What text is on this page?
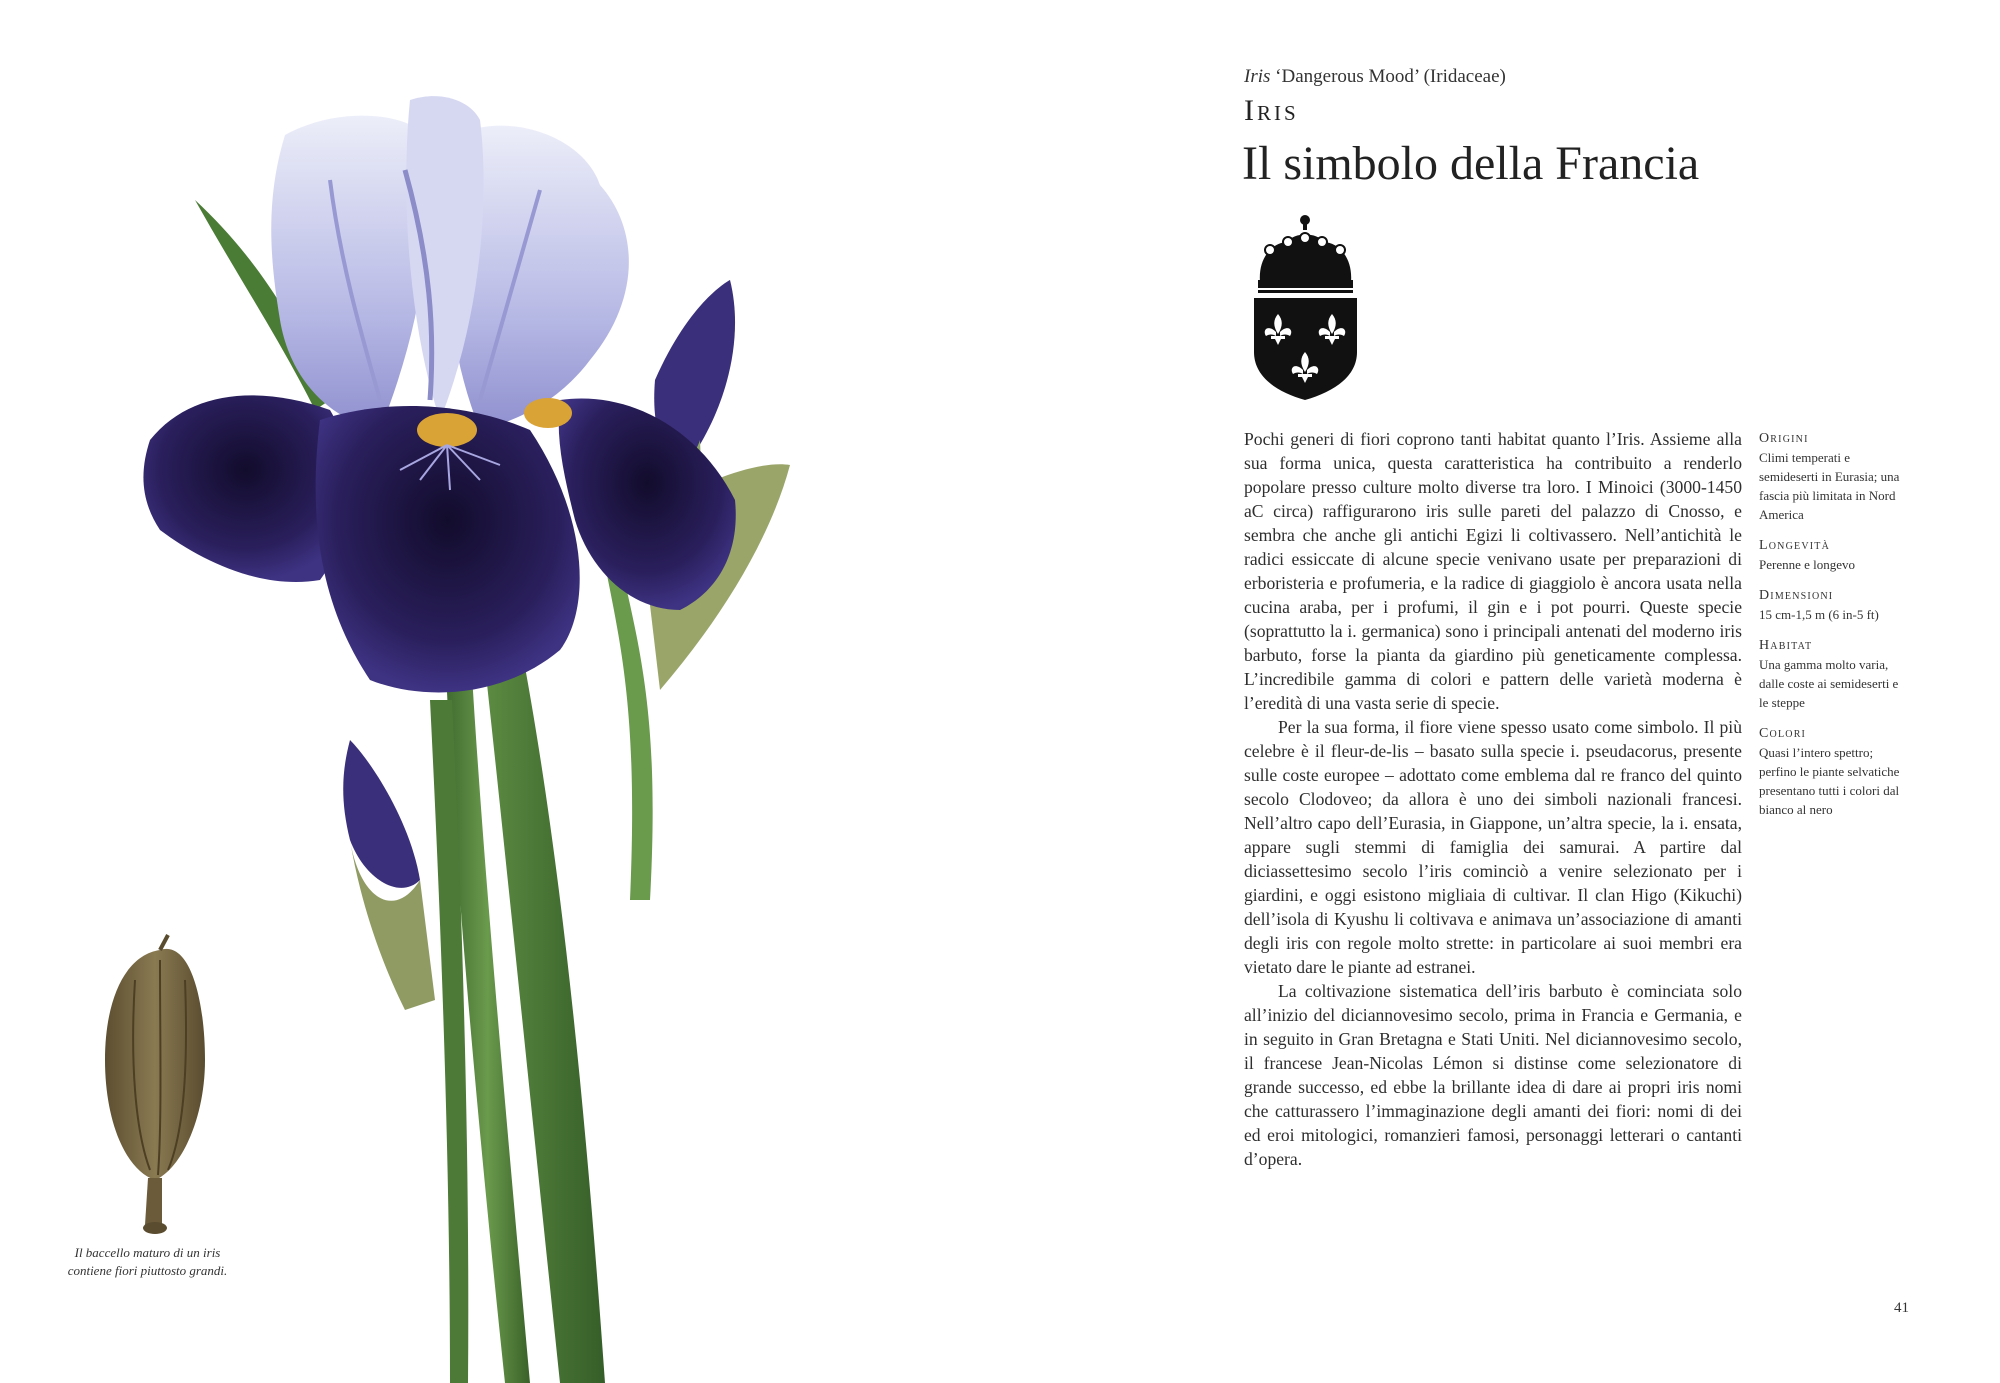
Il baccello maturo di un iris
contiene fiori piuttosto grandi.
Iris ‘Dangerous Mood’ (Iridaceae)
Iris
Il simbolo della Francia

Pochi generi di fiori coprono tanti habitat quanto l’Iris. Assieme alla sua forma unica, questa caratteristica ha contribuito a renderlo popolare presso culture molto diverse tra loro. I Minoici (3000-1450 aC circa) raffigurarono iris sulle pareti del palazzo di Cnosso, e sembra che anche gli antichi Egizi li coltivassero. Nell’antichità le radici essiccate di alcune specie venivano usate per preparazioni di erboristeria e profumeria, e la radice di giaggiolo è ancora usata nella cucina araba, per i profumi, il gin e i pot pourri. Queste specie (soprattutto la i. germanica) sono i principali antenati del moderno iris barbuto, forse la pianta da giardino più geneticamente complessa. L’incredibile gamma di colori e pattern delle varietà moderna è l’eredità di una vasta serie di specie.

Per la sua forma, il fiore viene spesso usato come simbolo. Il più celebre è il fleur-de-lis – basato sulla specie i. pseudacorus, presente sulle coste europee – adottato come emblema dal re franco del quinto secolo Clodoveo; da allora è uno dei simboli nazionali francesi. Nell’altro capo dell’Eurasia, in Giappone, un’altra specie, la i. ensata, appare sugli stemmi di famiglia dei samurai. A partire dal diciassettesimo secolo l’iris cominciò a venire selezionato per i giardini, e oggi esistono migliaia di cultivar. Il clan Higo (Kikuchi) dell’isola di Kyushu li coltivava e animava un’associazione di amanti degli iris con regole molto strette: in particolare ai suoi membri era vietato dare le piante ad estranei.

La coltivazione sistematica dell’iris barbuto è cominciata solo all’inizio del diciannovesimo secolo, prima in Francia e Germania, e in seguito in Gran Bretagna e Stati Uniti. Nel diciannovesimo secolo, il francese Jean-Nicolas Lémon si distinse come selezionatore di grande successo, ed ebbe la brillante idea di dare ai propri iris nomi che catturassero l’immaginazione degli amanti dei fiori: nomi di dei ed eroi mitologici, romanzieri famosi, personaggi letterari o cantanti d’opera.

Origini
Climi temperati e semideserti in Eurasia; una fascia più limitata in Nord America
Longevità
Perenne e longevo
Dimensioni
15 cm-1,5 m (6 in-5 ft)
Habitat
Una gamma molto varia, dalle coste ai semideserti e le steppe
Colori
Quasi l’intero spettro; perfino le piante selvatiche presentano tutti i colori dal bianco al nero
41
